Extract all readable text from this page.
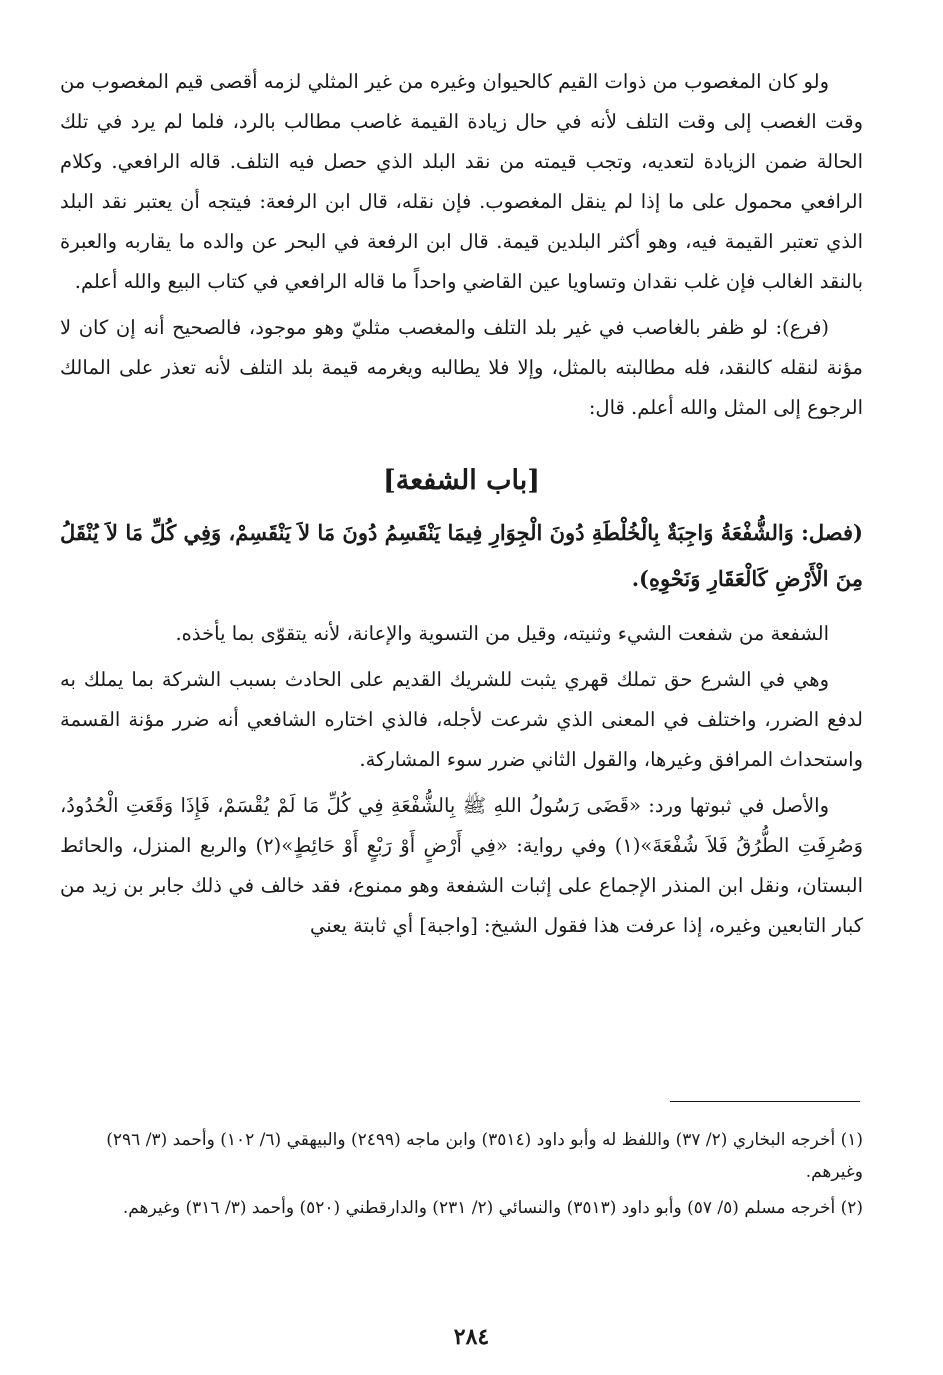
ولو كان المغصوب من ذوات القيم كالحيوان وغيره من غير المثلي لزمه أقصى قيم المغصوب من وقت الغصب إلى وقت التلف لأنه في حال زيادة القيمة غاصب مطالب بالرد، فلما لم يرد في تلك الحالة ضمن الزيادة لتعديه، وتجب قيمته من نقد البلد الذي حصل فيه التلف. قاله الرافعي. وكلام الرافعي محمول على ما إذا لم ينقل المغصوب. فإن نقله، قال ابن الرفعة: فيتجه أن يعتبر نقد البلد الذي تعتبر القيمة فيه، وهو أكثر البلدين قيمة. قال ابن الرفعة في البحر عن والده ما يقاربه والعبرة بالنقد الغالب فإن غلب نقدان وتساويا عين القاضي واحداً ما قاله الرافعي في كتاب البيع والله أعلم.

(فرع): لو ظفر بالغاصب في غير بلد التلف والمغصب مثليّ وهو موجود، فالصحيح أنه إن كان لا مؤنة لنقله كالنقد، فله مطالبته بالمثل، وإلا فلا يطالبه ويغرمه قيمة بلد التلف لأنه تعذر على المالك الرجوع إلى المثل والله أعلم. قال:

[باب الشفعة]

(فصل: وَالشُّفْعَةُ وَاجِبَةٌ بِالْخُلْطَةِ دُونَ الْجِوَارِ فِيمَا يَنْقَسِمُ دُونَ مَا لاَ يَنْقَسِمْ، وَفِي كُلِّ مَا لاَ يُنْقَلُ مِنَ الْأَرْضِ كَالْعَقَارِ وَنَحْوِهِ).

الشفعة من شفعت الشيء وثنيته، وقيل من التسوية والإعانة، لأنه يتقوّى بما يأخذه.

وهي في الشرع حق تملك قهري يثبت للشريك القديم على الحادث بسبب الشركة بما يملك به لدفع الضرر، واختلف في المعنى الذي شرعت لأجله، فالذي اختاره الشافعي أنه ضرر مؤنة القسمة واستحداث المرافق وغيرها، والقول الثاني ضرر سوء المشاركة.

والأصل في ثبوتها ورد: «قَضَى رَسُولُ اللهِ ﷺ بِالشُّفْعَةِ فِي كُلِّ مَا لَمْ يُقْسَمْ، فَإِذَا وَقَعَتِ الْحُدُودُ، وَصُرِفَتِ الطُّرُقُ فَلاَ شُفْعَةَ»(١) وفي رواية: «فِي أَرْضٍ أَوْ رَبْعٍ أَوْ حَائِطٍ»(٢) والربع المنزل، والحائط البستان، ونقل ابن المنذر الإجماع على إثبات الشفعة وهو ممنوع، فقد خالف في ذلك جابر بن زيد من كبار التابعين وغيره، إذا عرفت هذا فقول الشيخ: [واجبة] أي ثابتة يعني

(١) أخرجه البخاري (٢/ ٣٧) واللفظ له وأبو داود (٣٥١٤) وابن ماجه (٢٤٩٩) والبيهقي (٦/ ١٠٢) وأحمد (٣/ ٢٩٦) وغيرهم.

(٢) أخرجه مسلم (٥/ ٥٧) وأبو داود (٣٥١٣) والنسائي (٢/ ٢٣١) والدارقطني (٥٢٠) وأحمد (٣/ ٣١٦) وغيرهم.

٢٨٤
